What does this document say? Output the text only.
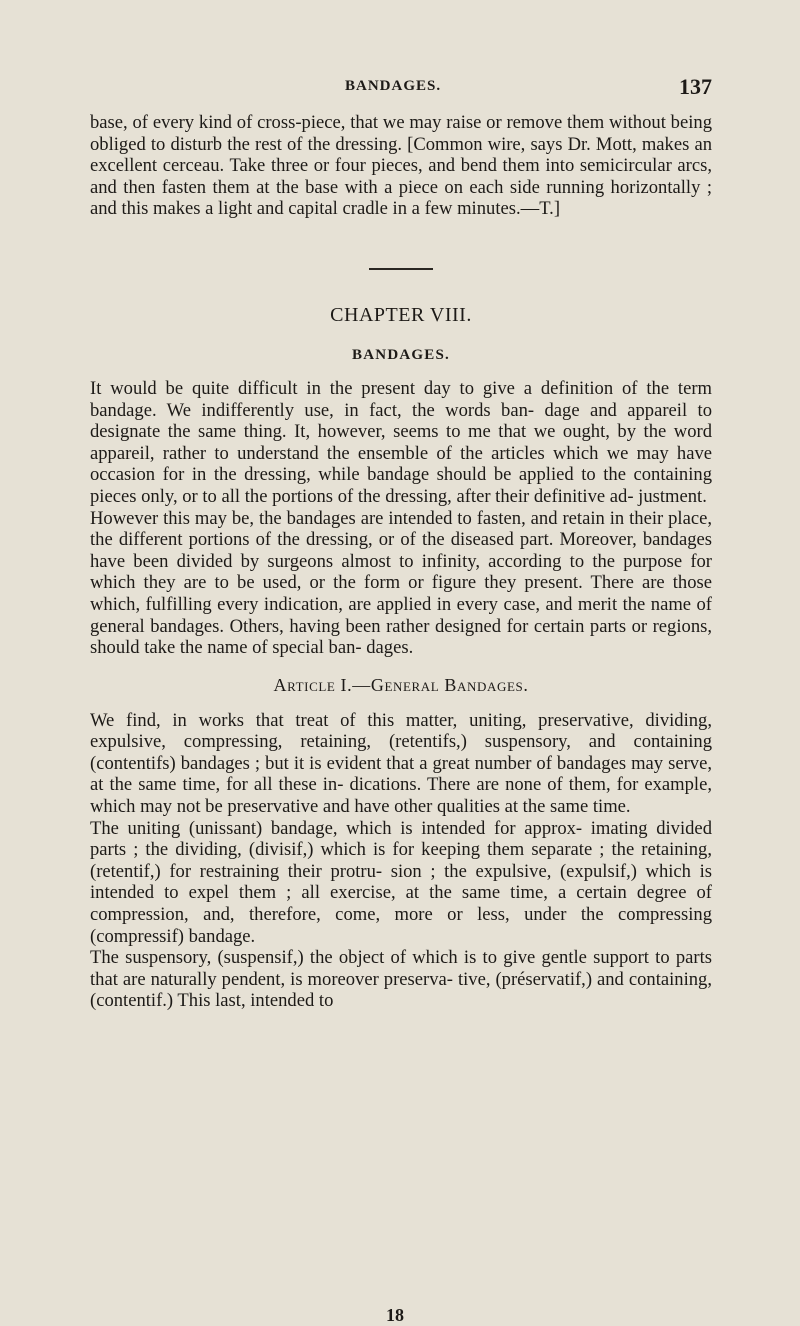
BANDAGES.	137

base, of every kind of cross-piece, that we may raise or remove them without being obliged to disturb the rest of the dressing. [Common wire, says Dr. Mott, makes an excellent cerceau. Take three or four pieces, and bend them into semicircular arcs, and then fasten them at the base with a piece on each side running horizontally ; and this makes a light and capital cradle in a few minutes.—T.]

CHAPTER VIII.
BANDAGES.

It would be quite difficult in the present day to give a definition of the term bandage. We indifferently use, in fact, the words ban- dage and appareil to designate the same thing. It, however, seems to me that we ought, by the word appareil, rather to understand the ensemble of the articles which we may have occasion for in the dressing, while bandage should be applied to the containing pieces only, or to all the portions of the dressing, after their definitive ad- justment.

However this may be, the bandages are intended to fasten, and retain in their place, the different portions of the dressing, or of the diseased part. Moreover, bandages have been divided by surgeons almost to infinity, according to the purpose for which they are to be used, or the form or figure they present. There are those which, fulfilling every indication, are applied in every case, and merit the name of general bandages. Others, having been rather designed for certain parts or regions, should take the name of special ban- dages.

Article I.—General Bandages.

We find, in works that treat of this matter, uniting, preservative, dividing, expulsive, compressing, retaining, (retentifs,) suspensory, and containing (contentifs) bandages ; but it is evident that a great number of bandages may serve, at the same time, for all these in- dications. There are none of them, for example, which may not be preservative and have other qualities at the same time.

The uniting (unissant) bandage, which is intended for approx- imating divided parts ; the dividing, (divisif,) which is for keeping them separate ; the retaining, (retentif,) for restraining their protru- sion ; the expulsive, (expulsif,) which is intended to expel them ; all exercise, at the same time, a certain degree of compression, and, therefore, come, more or less, under the compressing (compressif) bandage.

The suspensory, (suspensif,) the object of which is to give gentle support to parts that are naturally pendent, is moreover preserva- tive, (préservatif,) and containing, (contentif.) This last, intended to

18
